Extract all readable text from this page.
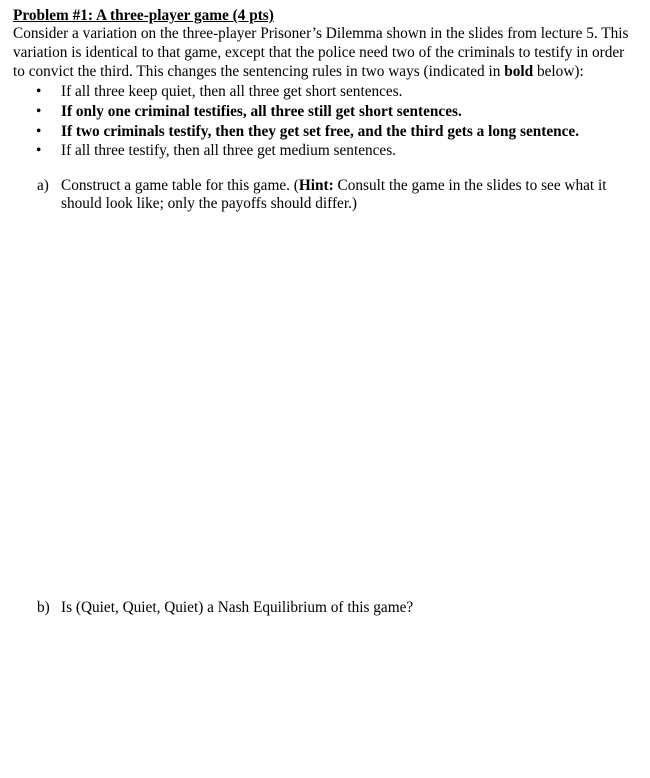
Problem #1: A three-player game (4 pts)

Consider a variation on the three-player Prisoner’s Dilemma shown in the slides from lecture 5. This variation is identical to that game, except that the police need two of the criminals to testify in order to convict the third. This changes the sentencing rules in two ways (indicated in bold below):

• If all three keep quiet, then all three get short sentences.
• If only one criminal testifies, all three still get short sentences.
• If two criminals testify, then they get set free, and the third gets a long sentence.
• If all three testify, then all three get medium sentences.
a) Construct a game table for this game. (Hint: Consult the game in the slides to see what it should look like; only the payoffs should differ.)
b) Is (Quiet, Quiet, Quiet) a Nash Equilibrium of this game?
